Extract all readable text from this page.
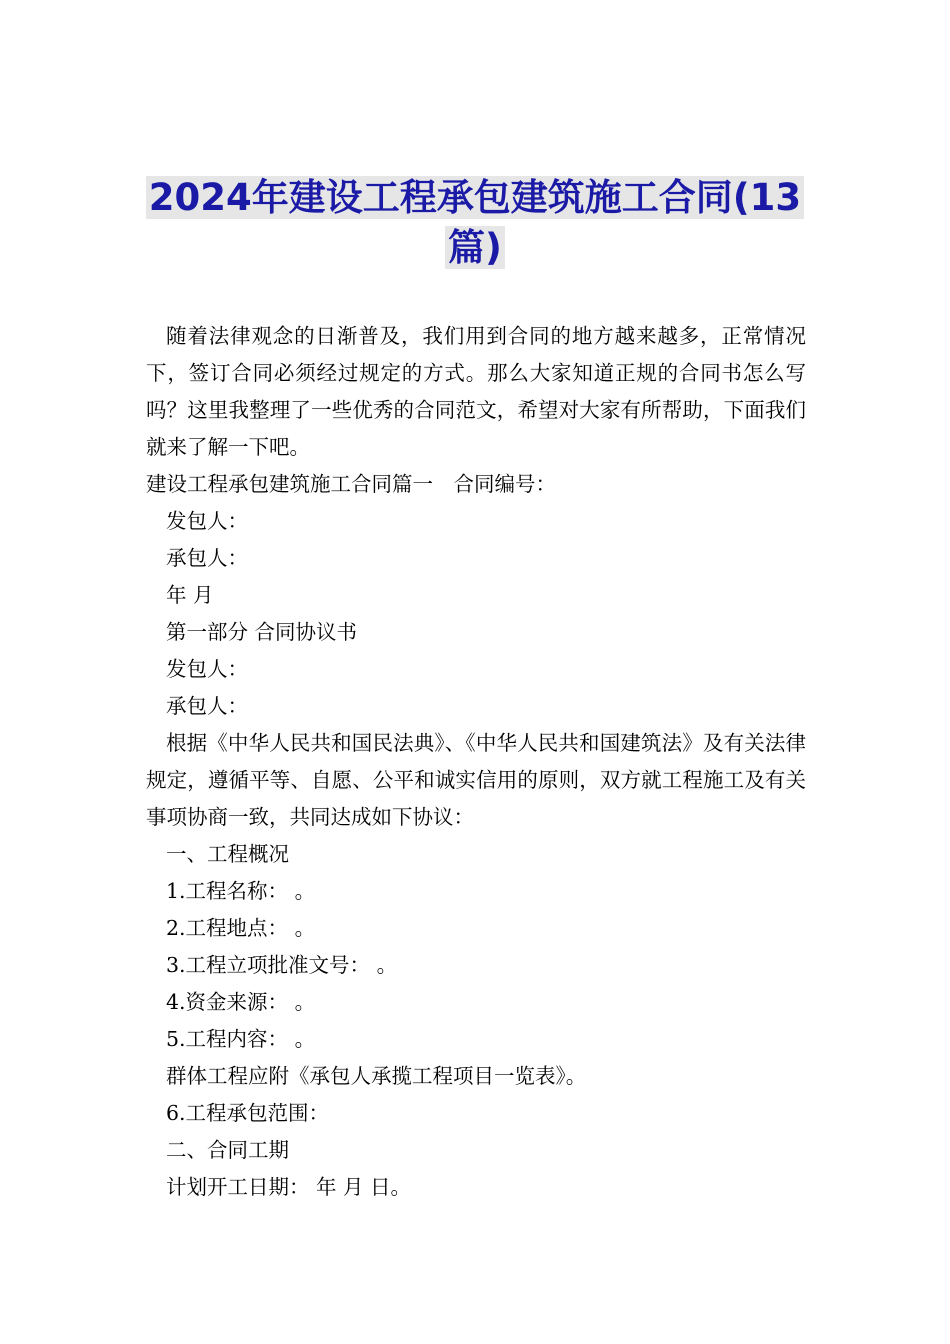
2024年建设工程承包建筑施工合同(13
篇)

随着法律观念的日渐普及，我们用到合同的地方越来越多，正常情况下，签订合同必须经过规定的方式。那么大家知道正规的合同书怎么写吗？这里我整理了一些优秀的合同范文，希望对大家有所帮助，下面我们就来了解一下吧。

建设工程承包建筑施工合同篇一　合同编号：

发包人：

承包人：

年 月

第一部分 合同协议书

发包人：

承包人：

根据《中华人民共和国民法典》、《中华人民共和国建筑法》及有关法律规定，遵循平等、自愿、公平和诚实信用的原则，双方就工程施工及有关事项协商一致，共同达成如下协议：

一、工程概况

1.工程名称： 。

2.工程地点： 。

3.工程立项批准文号： 。

4.资金来源： 。

5.工程内容： 。

群体工程应附《承包人承揽工程项目一览表》。

6.工程承包范围：

二、合同工期

计划开工日期： 年 月 日。
